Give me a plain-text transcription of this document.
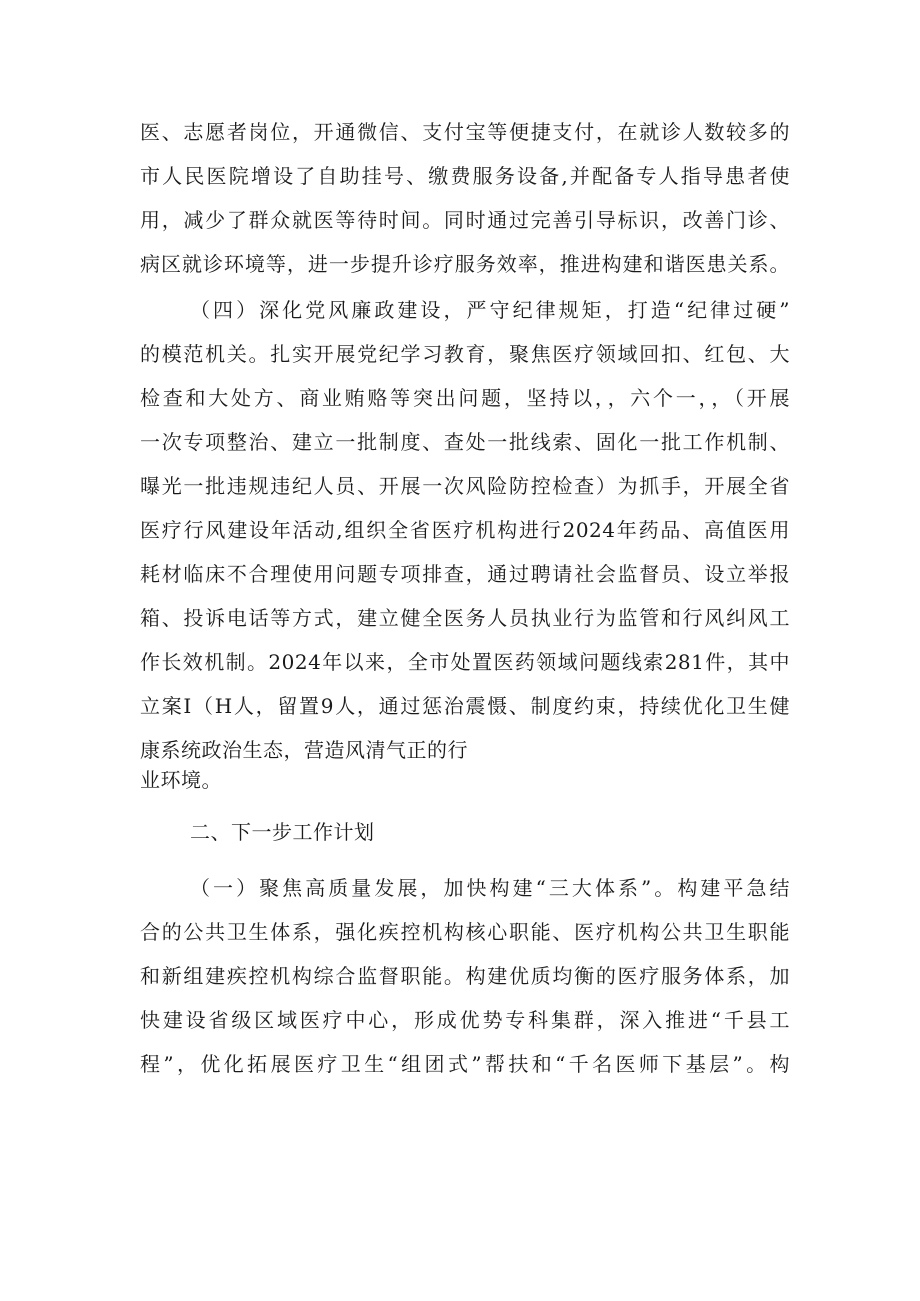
医、志愿者岗位，开通微信、支付宝等便捷支付，在就诊人数较多的
市人民医院增设了自助挂号、缴费服务设备,并配备专人指导患者使
用，减少了群众就医等待时间。同时通过完善引导标识，改善门诊、
病区就诊环境等，进一步提升诊疗服务效率，推进构建和谐医患关系。
（四）深化党风廉政建设，严守纪律规矩，打造“纪律过硬”
的模范机关。扎实开展党纪学习教育，聚焦医疗领域回扣、红包、大
检查和大处方、商业贿赂等突出问题，坚持以，，六个一，，（开展
一次专项整治、建立一批制度、查处一批线索、固化一批工作机制、
曝光一批违规违纪人员、开展一次风险防控检查）为抓手，开展全省
医疗行风建设年活动,组织全省医疗机构进行2024年药品、高值医用
耗材临床不合理使用问题专项排查，通过聘请社会监督员、设立举报
箱、投诉电话等方式，建立健全医务人员执业行为监管和行风纠风工
作长效机制。2024年以来，全市处置医药领域问题线索281件，其中
立案I（H人，留置9人，通过惩治震慑、制度约束，持续优化卫生健
康系统政治生态，营造风清气正的行
业环境。
二、下一步工作计划
（一）聚焦高质量发展，加快构建“三大体系”。构建平急结
合的公共卫生体系，强化疾控机构核心职能、医疗机构公共卫生职能
和新组建疾控机构综合监督职能。构建优质均衡的医疗服务体系，加
快建设省级区域医疗中心，形成优势专科集群，深入推进“千县工
程”，优化拓展医疗卫生“组团式”帮扶和“千名医师下基层”。构
